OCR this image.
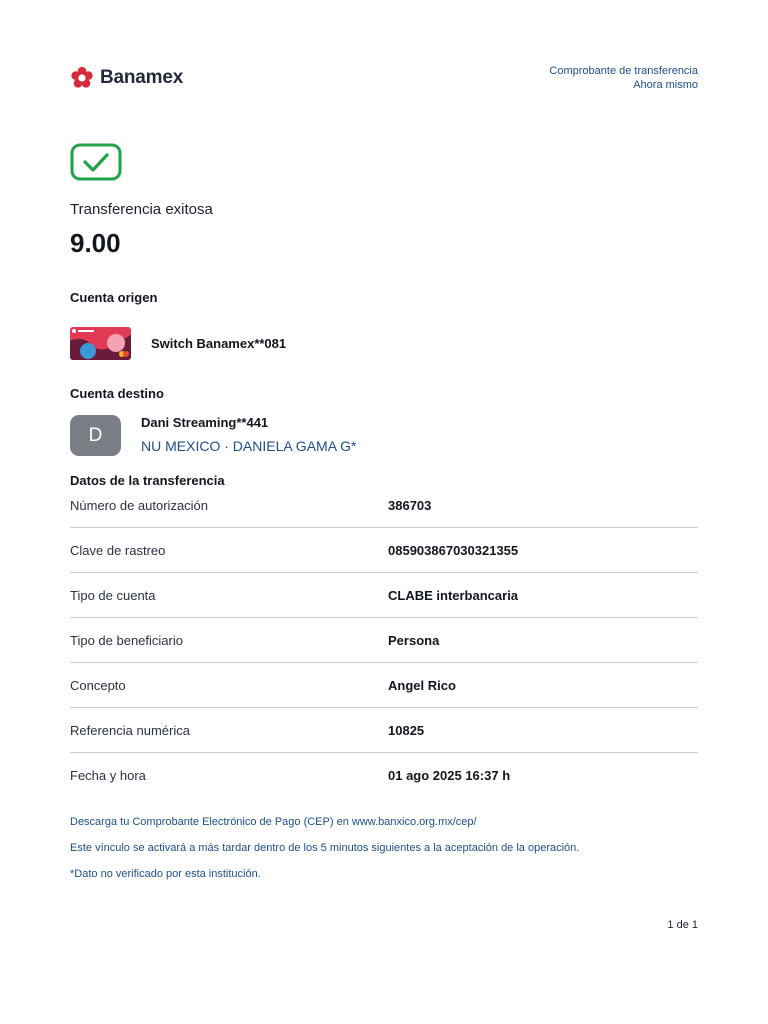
Banamex	Comprobante de transferencia
Ahora mismo
Transferencia exitosa
9.00
Cuenta origen
Switch Banamex**081
Cuenta destino
D
Dani Streaming**441
NU MEXICO · DANIELA GAMA G*
Datos de la transferencia
Número de autorización	386703
Clave de rastreo	085903867030321355
Tipo de cuenta	CLABE interbancaria
Tipo de beneficiario	Persona
Concepto	Angel Rico
Referencia numérica	10825
Fecha y hora	01 ago 2025 16:37 h
Descarga tu Comprobante Electrónico de Pago (CEP) en www.banxico.org.mx/cep/
Este vínculo se activará a más tardar dentro de los 5 minutos siguientes a la aceptación de la operación.
*Dato no verificado por esta institución.
1 de 1
